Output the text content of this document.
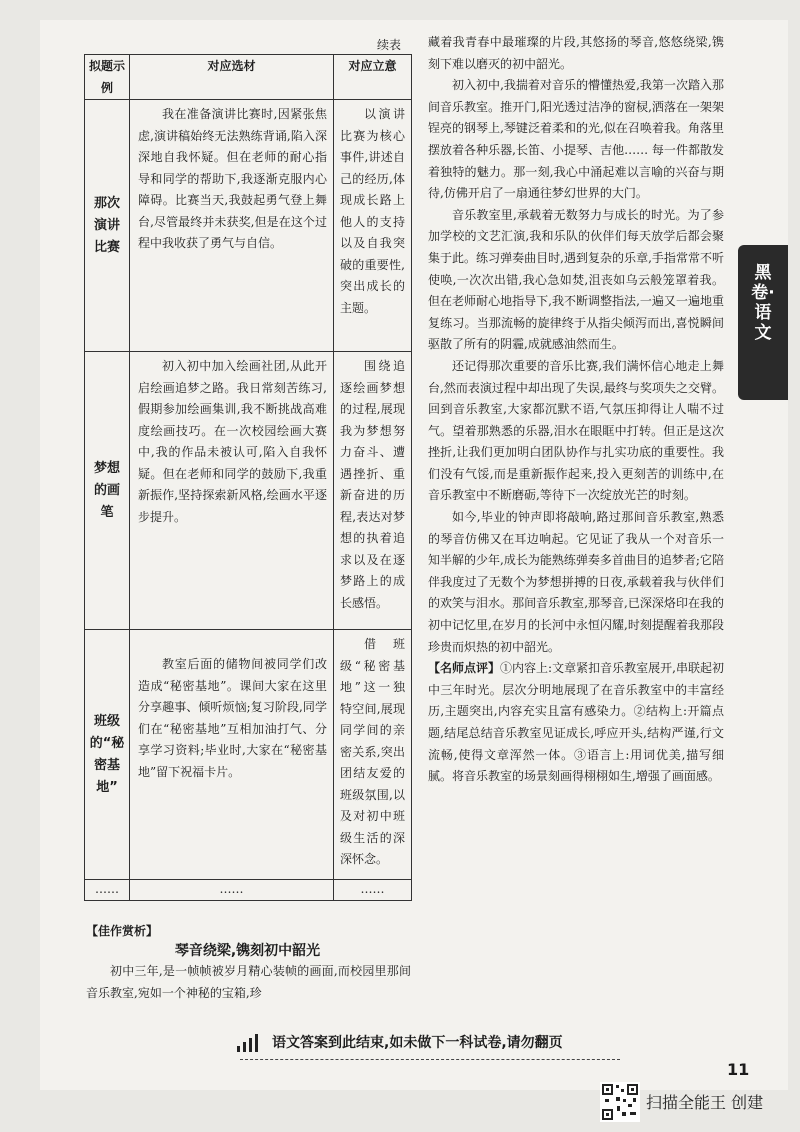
续表
拟题示例	对应选材	对应立意
那次演讲比赛	我在准备演讲比赛时,因紧张焦虑,演讲稿始终无法熟练背诵,陷入深深地自我怀疑。但在老师的耐心指导和同学的帮助下,我逐渐克服内心障碍。比赛当天,我鼓起勇气登上舞台,尽管最终并未获奖,但是在这个过程中我收获了勇气与自信。	以演讲比赛为核心事件,讲述自己的经历,体现成长路上他人的支持以及自我突破的重要性,突出成长的主题。
梦想的画笔	初入初中加入绘画社团,从此开启绘画追梦之路。我日常刻苦练习,假期参加绘画集训,我不断挑战高难度绘画技巧。在一次校园绘画大赛中,我的作品未被认可,陷入自我怀疑。但在老师和同学的鼓励下,我重新振作,坚持探索新风格,绘画水平逐步提升。	围绕追逐绘画梦想的过程,展现我为梦想努力奋斗、遭遇挫折、重新奋进的历程,表达对梦想的执着追求以及在逐梦路上的成长感悟。
班级的“秘密基地”	教室后面的储物间被同学们改造成“秘密基地”。课间大家在这里分享趣事、倾听烦恼;复习阶段,同学们在“秘密基地”互相加油打气、分享学习资料;毕业时,大家在“秘密基地”留下祝福卡片。	借班级“秘密基地”这一独特空间,展现同学间的亲密关系,突出团结友爱的班级氛围,以及对初中班级生活的深深怀念。
……	……	……
【佳作赏析】
琴音绕梁,镌刻初中韶光
初中三年,是一帧帧被岁月精心装帧的画面,而校园里那间音乐教室,宛如一个神秘的宝箱,珍

藏着我青春中最璀璨的片段,其悠扬的琴音,悠悠绕梁,镌刻下难以磨灭的初中韶光。

初入初中,我揣着对音乐的懵懂热爱,我第一次踏入那间音乐教室。推开门,阳光透过洁净的窗棂,洒落在一架架锃亮的钢琴上,琴键泛着柔和的光,似在召唤着我。角落里摆放着各种乐器,长笛、小提琴、吉他…… 每一件都散发着独特的魅力。那一刻,我心中涌起难以言喻的兴奋与期待,仿佛开启了一扇通往梦幻世界的大门。

音乐教室里,承载着无数努力与成长的时光。为了参加学校的文艺汇演,我和乐队的伙伴们每天放学后都会聚集于此。练习弹奏曲目时,遇到复杂的乐章,手指常常不听使唤,一次次出错,我心急如焚,沮丧如乌云般笼罩着我。但在老师耐心地指导下,我不断调整指法,一遍又一遍地重复练习。当那流畅的旋律终于从指尖倾泻而出,喜悦瞬间驱散了所有的阴霾,成就感油然而生。

还记得那次重要的音乐比赛,我们满怀信心地走上舞台,然而表演过程中却出现了失误,最终与奖项失之交臂。回到音乐教室,大家都沉默不语,气氛压抑得让人喘不过气。望着那熟悉的乐器,泪水在眼眶中打转。但正是这次挫折,让我们更加明白团队协作与扎实功底的重要性。我们没有气馁,而是重新振作起来,投入更刻苦的训练中,在音乐教室中不断磨砺,等待下一次绽放光芒的时刻。

如今,毕业的钟声即将敲响,路过那间音乐教室,熟悉的琴音仿佛又在耳边响起。它见证了我从一个对音乐一知半解的少年,成长为能熟练弹奏多首曲目的追梦者;它陪伴我度过了无数个为梦想拼搏的日夜,承载着我与伙伴们的欢笑与泪水。那间音乐教室,那琴音,已深深烙印在我的初中记忆里,在岁月的长河中永恒闪耀,时刻提醒着我那段珍贵而炽热的初中韶光。

【名师点评】①内容上:文章紧扣音乐教室展开,串联起初中三年时光。层次分明地展现了在音乐教室中的丰富经历,主题突出,内容充实且富有感染力。②结构上:开篇点题,结尾总结音乐教室见证成长,呼应开头,结构严谨,行文流畅,使得文章浑然一体。③语言上:用词优美,描写细腻。将音乐教室的场景刻画得栩栩如生,增强了画面感。

黑卷·语文
语文答案到此结束,如未做下一科试卷,请勿翻页
11
扫描全能王 创建
